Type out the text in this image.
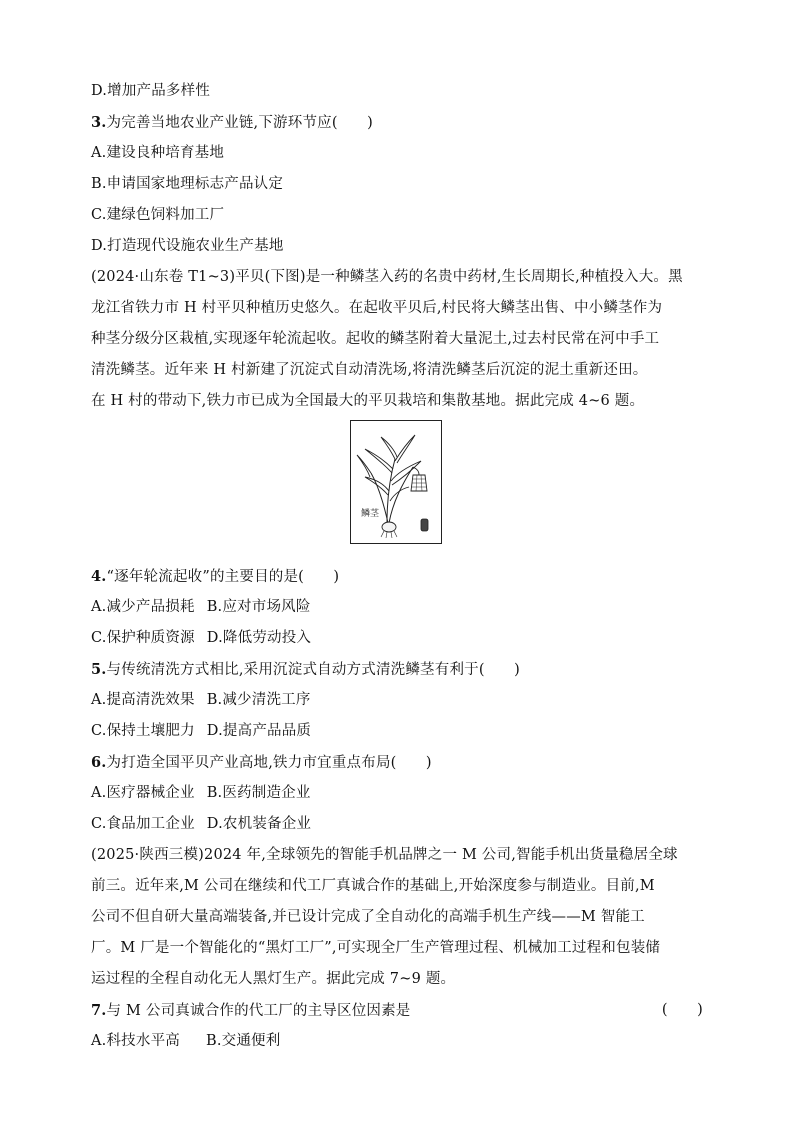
D.增加产品多样性
3.为完善当地农业产业链,下游环节应(　　)
A.建设良种培育基地
B.申请国家地理标志产品认定
C.建绿色饲料加工厂
D.打造现代设施农业生产基地
(2024·山东卷 T1~3)平贝(下图)是一种鳞茎入药的名贵中药材,生长周期长,种植投入大。黑
龙江省铁力市 H 村平贝种植历史悠久。在起收平贝后,村民将大鳞茎出售、中小鳞茎作为
种茎分级分区栽植,实现逐年轮流起收。起收的鳞茎附着大量泥土,过去村民常在河中手工
清洗鳞茎。近年来 H 村新建了沉淀式自动清洗场,将清洗鳞茎后沉淀的泥土重新还田。
在 H 村的带动下,铁力市已成为全国最大的平贝栽培和集散基地。据此完成 4~6 题。
鳞茎
4.“逐年轮流起收”的主要目的是(　　)
A.减少产品损耗 B.应对市场风险
C.保护种质资源 D.降低劳动投入
5.与传统清洗方式相比,采用沉淀式自动方式清洗鳞茎有利于(　　)
A.提高清洗效果 B.减少清洗工序
C.保持土壤肥力 D.提高产品品质
6.为打造全国平贝产业高地,铁力市宜重点布局(　　)
A.医疗器械企业 B.医药制造企业
C.食品加工企业 D.农机装备企业
(2025·陕西三模)2024 年,全球领先的智能手机品牌之一 M 公司,智能手机出货量稳居全球
前三。近年来,M 公司在继续和代工厂真诚合作的基础上,开始深度参与制造业。目前,M
公司不但自研大量高端装备,并已设计完成了全自动化的高端手机生产线——M 智能工
厂。M 厂是一个智能化的“黑灯工厂”,可实现全厂生产管理过程、机械加工过程和包装储
运过程的全程自动化无人黑灯生产。据此完成 7~9 题。
7.与 M 公司真诚合作的代工厂的主导区位因素是	(　　)
A.科技水平高 B.交通便利
